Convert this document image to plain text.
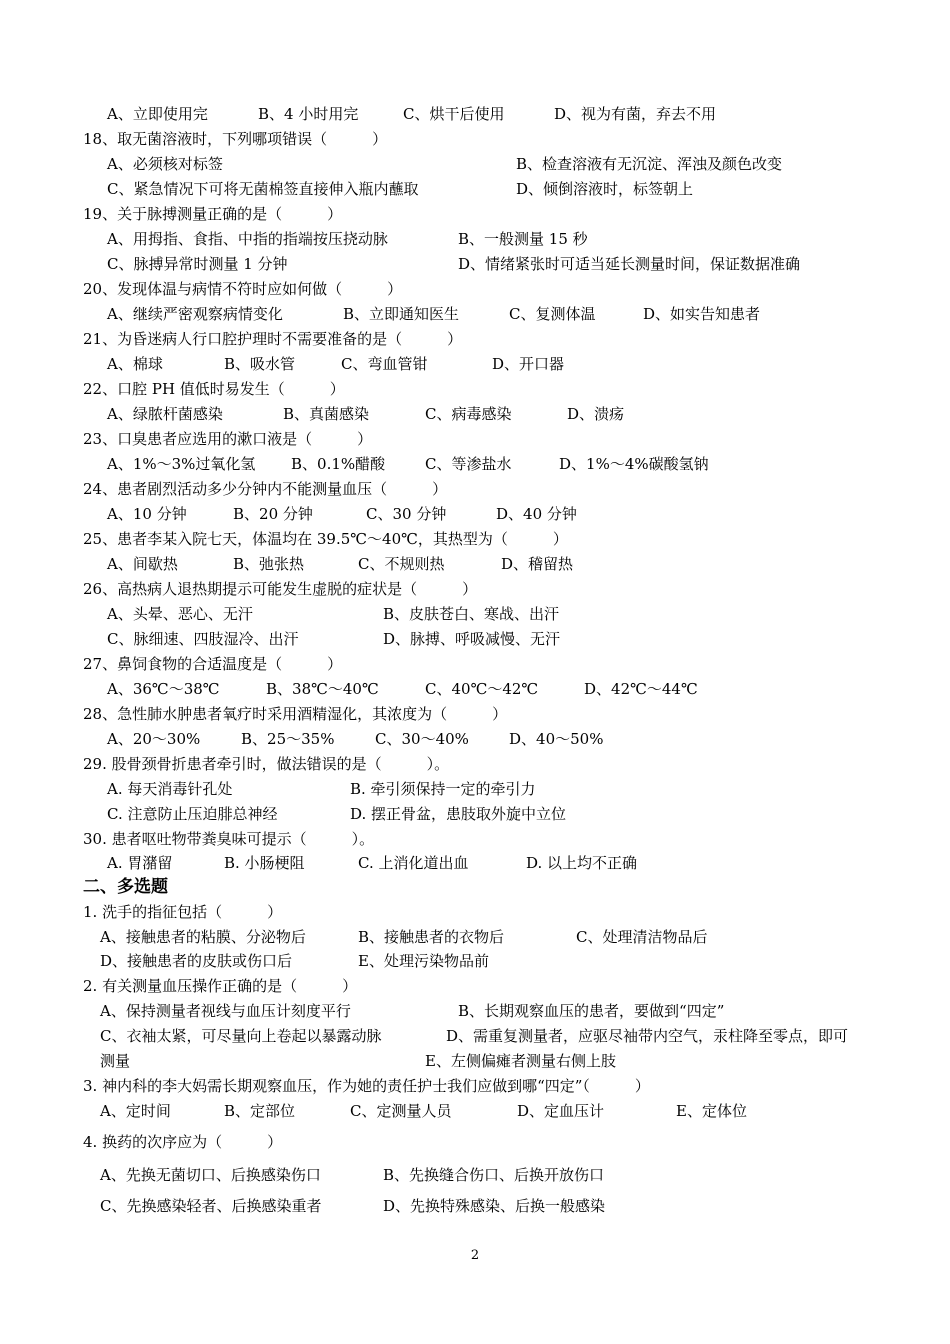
A、立即使用完	B、4 小时用完	C、烘干后使用	D、视为有菌，弃去不用
18、取无菌溶液时，下列哪项错误（　　　）
A、必须核对标签	B、检查溶液有无沉淀、浑浊及颜色改变
C、紧急情况下可将无菌棉签直接伸入瓶内蘸取	D、倾倒溶液时，标签朝上
19、关于脉搏测量正确的是（　　　）
A、用拇指、食指、中指的指端按压挠动脉	B、一般测量 15 秒
C、脉搏异常时测量 1 分钟	D、情绪紧张时可适当延长测量时间，保证数据准确
20、发现体温与病情不符时应如何做（　　　）
A、继续严密观察病情变化	B、立即通知医生	C、复测体温	D、如实告知患者
21、为昏迷病人行口腔护理时不需要准备的是（　　　）
A、棉球	B、吸水管	C、弯血管钳	D、开口器
22、口腔 PH 值低时易发生（　　　）
A、绿脓杆菌感染	B、真菌感染	C、病毒感染	D、溃疡
23、口臭患者应选用的漱口液是（　　　）
A、1%～3%过氧化氢 B、0.1%醋酸	C、等渗盐水	D、1%～4%碳酸氢钠
24、患者剧烈活动多少分钟内不能测量血压（　　　）
A、10 分钟	B、20 分钟	C、30 分钟	D、40 分钟
25、患者李某入院七天，体温均在 39.5℃～40℃，其热型为（　　　）
A、间歇热	B、弛张热	C、不规则热	D、稽留热
26、高热病人退热期提示可能发生虚脱的症状是（　　　）
A、头晕、恶心、无汗	B、皮肤苍白、寒战、出汗
C、脉细速、四肢湿冷、出汗	D、脉搏、呼吸减慢、无汗
27、鼻饲食物的合适温度是（　　　）
A、36℃～38℃	B、38℃～40℃	C、40℃～42℃	D、42℃～44℃
28、急性肺水肿患者氧疗时采用酒精湿化，其浓度为（　　　）
A、20～30%	B、25～35%	C、30～40%	D、40～50%
29. 股骨颈骨折患者牵引时，做法错误的是（　　　）。
A. 每天消毒针孔处	B. 牵引须保持一定的牵引力
C. 注意防止压迫腓总神经	D. 摆正骨盆，患肢取外旋中立位
30. 患者呕吐物带粪臭味可提示（　　　）。
A. 胃潴留	B. 小肠梗阻	C. 上消化道出血	D. 以上均不正确
二、多选题
1. 洗手的指征包括（　　　）
A、接触患者的粘膜、分泌物后	B、接触患者的衣物后	C、处理清洁物品后
D、接触患者的皮肤或伤口后	E、处理污染物品前
2. 有关测量血压操作正确的是（　　　）
A、保持测量者视线与血压计刻度平行	B、长期观察血压的患者，要做到“四定”
C、衣袖太紧，可尽量向上卷起以暴露动脉	D、需重复测量者，应驱尽袖带内空气，汞柱降至零点，即可
测量	E、左侧偏瘫者测量右侧上肢
3. 神内科的李大妈需长期观察血压，作为她的责任护士我们应做到哪“四定”（　　　）
A、定时间	B、定部位	C、定测量人员	D、定血压计	E、定体位
4. 换药的次序应为（　　　）
A、先换无菌切口、后换感染伤口	B、先换缝合伤口、后换开放伤口
C、先换感染轻者、后换感染重者	D、先换特殊感染、后换一般感染
2
